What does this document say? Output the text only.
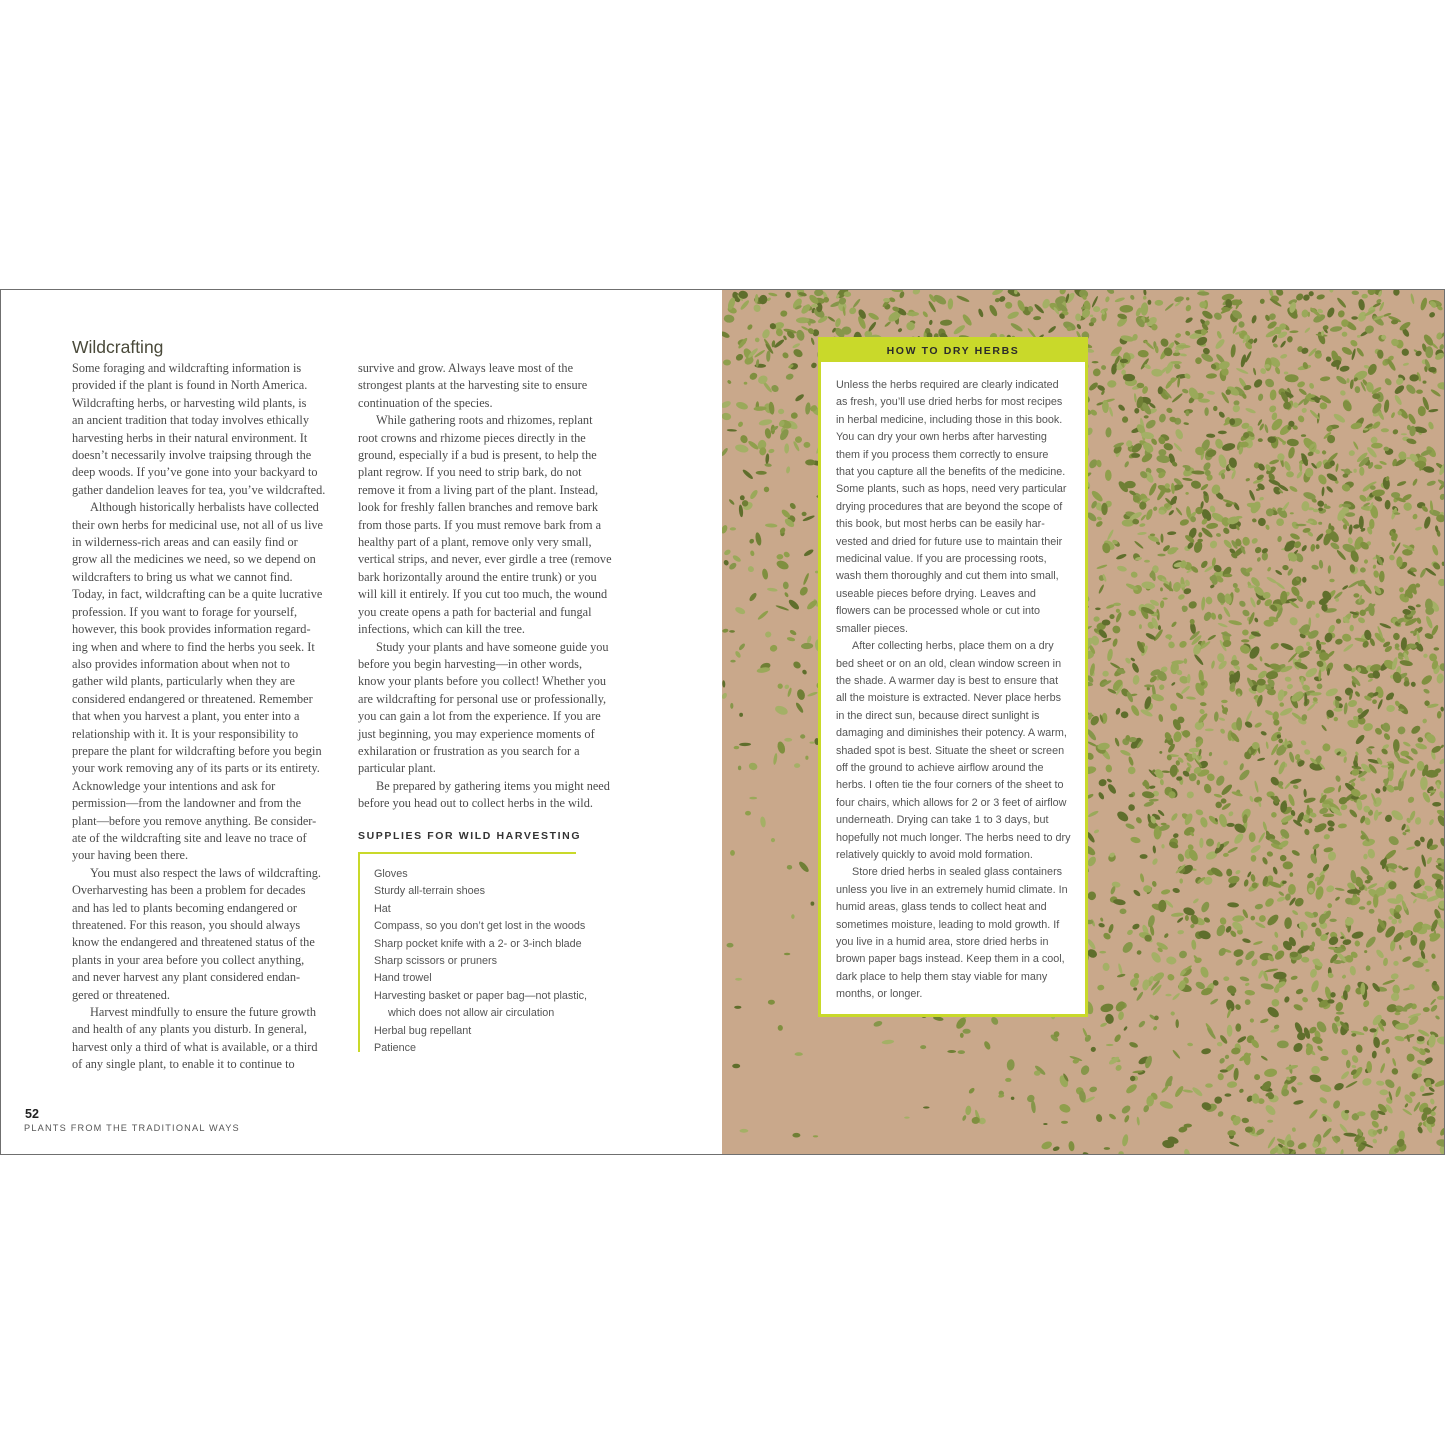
Wildcrafting
Some foraging and wildcrafting information is
provided if the plant is found in North America.
Wildcrafting herbs, or harvesting wild plants, is
an ancient tradition that today involves ethically
harvesting herbs in their natural environment. It
doesn’t necessarily involve traipsing through the
deep woods. If you’ve gone into your backyard to
gather dandelion leaves for tea, you’ve wildcrafted.
Although historically herbalists have collected
their own herbs for medicinal use, not all of us live
in wilderness-rich areas and can easily find or
grow all the medicines we need, so we depend on
wildcrafters to bring us what we cannot find.
Today, in fact, wildcrafting can be a quite lucrative
profession. If you want to forage for yourself,
however, this book provides information regard-
ing when and where to find the herbs you seek. It
also provides information about when not to
gather wild plants, particularly when they are
considered endangered or threatened. Remember
that when you harvest a plant, you enter into a
relationship with it. It is your responsibility to
prepare the plant for wildcrafting before you begin
your work removing any of its parts or its entirety.
Acknowledge your intentions and ask for
permission—from the landowner and from the
plant—before you remove anything. Be consider-
ate of the wildcrafting site and leave no trace of
your having been there.
You must also respect the laws of wildcrafting.
Overharvesting has been a problem for decades
and has led to plants becoming endangered or
threatened. For this reason, you should always
know the endangered and threatened status of the
plants in your area before you collect anything,
and never harvest any plant considered endan-
gered or threatened.
Harvest mindfully to ensure the future growth
and health of any plants you disturb. In general,
harvest only a third of what is available, or a third
of any single plant, to enable it to continue to
survive and grow. Always leave most of the
strongest plants at the harvesting site to ensure
continuation of the species.
While gathering roots and rhizomes, replant
root crowns and rhizome pieces directly in the
ground, especially if a bud is present, to help the
plant regrow. If you need to strip bark, do not
remove it from a living part of the plant. Instead,
look for freshly fallen branches and remove bark
from those parts. If you must remove bark from a
healthy part of a plant, remove only very small,
vertical strips, and never, ever girdle a tree (remove
bark horizontally around the entire trunk) or you
will kill it entirely. If you cut too much, the wound
you create opens a path for bacterial and fungal
infections, which can kill the tree.
Study your plants and have someone guide you
before you begin harvesting—in other words,
know your plants before you collect! Whether you
are wildcrafting for personal use or professionally,
you can gain a lot from the experience. If you are
just beginning, you may experience moments of
exhilaration or frustration as you search for a
particular plant.
Be prepared by gathering items you might need
before you head out to collect herbs in the wild.
SUPPLIES FOR WILD HARVESTING
Gloves
Sturdy all-terrain shoes
Hat
Compass, so you don’t get lost in the woods
Sharp pocket knife with a 2- or 3-inch blade
Sharp scissors or pruners
Hand trowel
Harvesting basket or paper bag—not plastic,
which does not allow air circulation
Herbal bug repellant
Patience
52
PLANTS FROM THE TRADITIONAL WAYS
HOW TO DRY HERBS
Unless the herbs required are clearly indicated
as fresh, you’ll use dried herbs for most recipes
in herbal medicine, including those in this book.
You can dry your own herbs after harvesting
them if you process them correctly to ensure
that you capture all the benefits of the medicine.
Some plants, such as hops, need very particular
drying procedures that are beyond the scope of
this book, but most herbs can be easily har-
vested and dried for future use to maintain their
medicinal value. If you are processing roots,
wash them thoroughly and cut them into small,
useable pieces before drying. Leaves and
flowers can be processed whole or cut into
smaller pieces.
After collecting herbs, place them on a dry
bed sheet or on an old, clean window screen in
the shade. A warmer day is best to ensure that
all the moisture is extracted. Never place herbs
in the direct sun, because direct sunlight is
damaging and diminishes their potency. A warm,
shaded spot is best. Situate the sheet or screen
off the ground to achieve airflow around the
herbs. I often tie the four corners of the sheet to
four chairs, which allows for 2 or 3 feet of airflow
underneath. Drying can take 1 to 3 days, but
hopefully not much longer. The herbs need to dry
relatively quickly to avoid mold formation.
Store dried herbs in sealed glass containers
unless you live in an extremely humid climate. In
humid areas, glass tends to collect heat and
sometimes moisture, leading to mold growth. If
you live in a humid area, store dried herbs in
brown paper bags instead. Keep them in a cool,
dark place to help them stay viable for many
months, or longer.
